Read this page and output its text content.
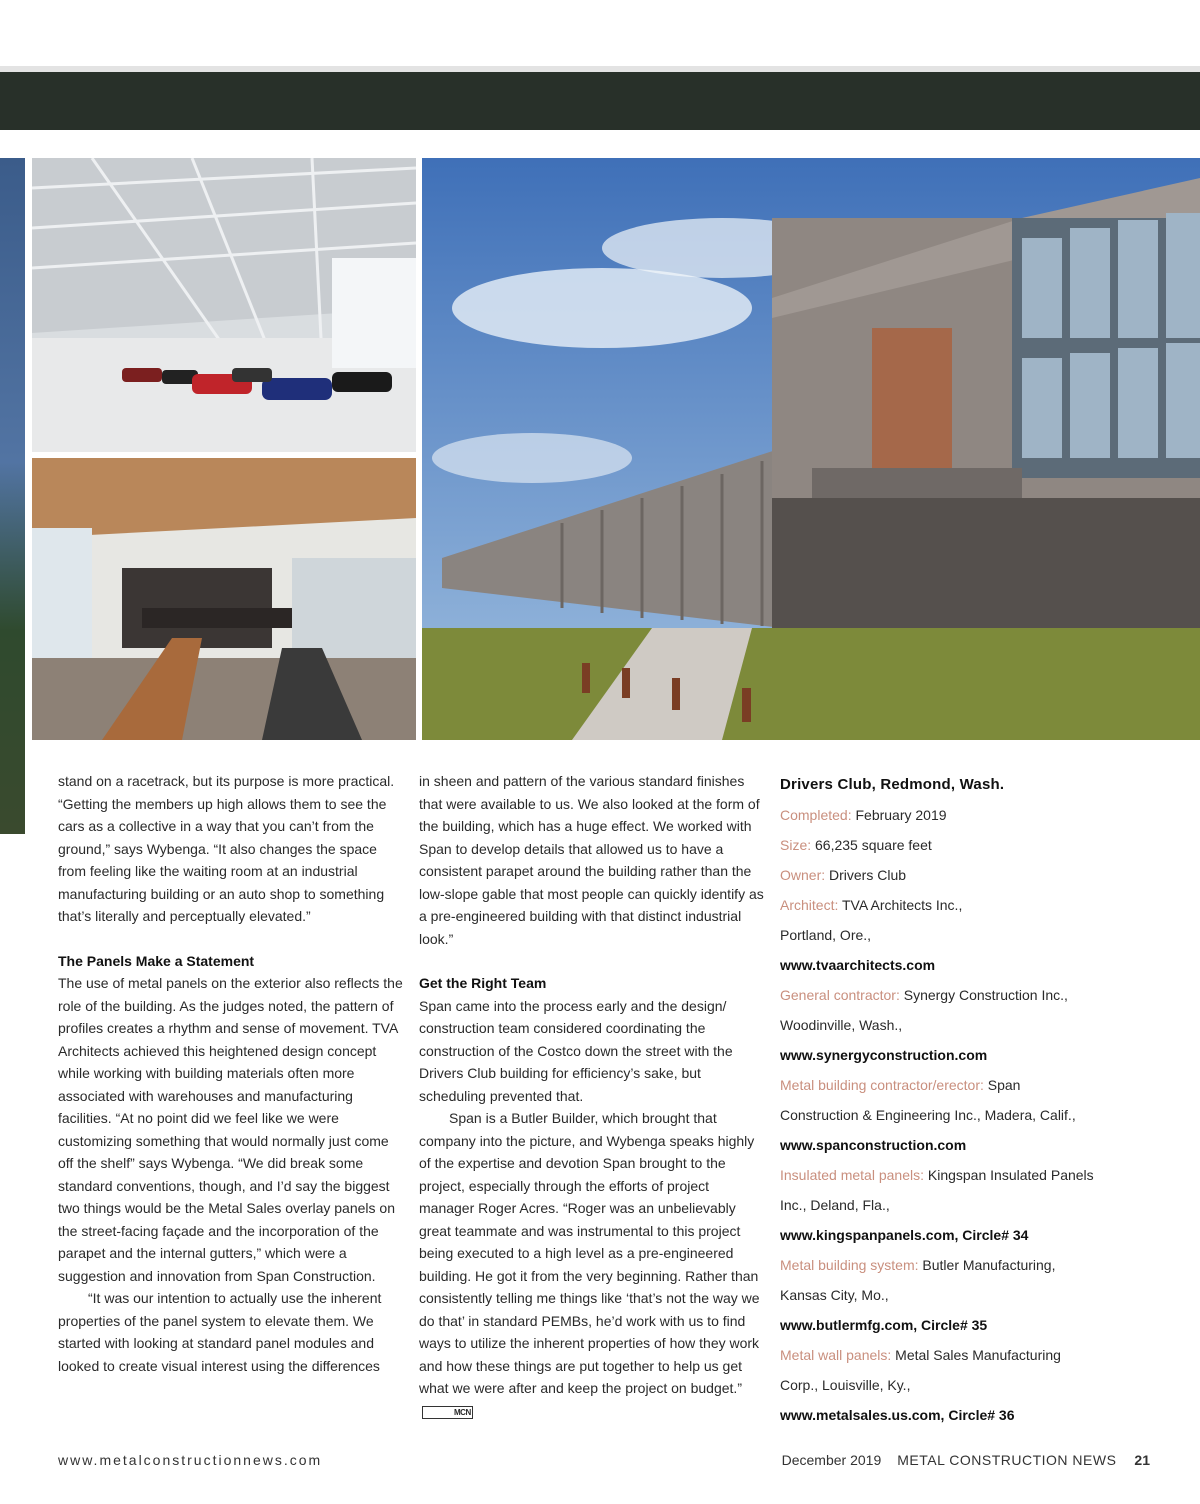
stand on a racetrack, but its purpose is more practical. “Getting the members up high allows them to see the cars as a collective in a way that you can’t from the ground,” says Wybenga. “It also changes the space from feeling like the waiting room at an industrial manufacturing building or an auto shop to something that’s literally and perceptually elevated.”

The Panels Make a Statement

The use of metal panels on the exterior also reflects the role of the building. As the judges noted, the pattern of profiles creates a rhythm and sense of movement. TVA Architects achieved this heightened design concept while working with building materials often more associated with warehouses and manufacturing facilities. “At no point did we feel like we were customizing something that would normally just come off the shelf” says Wybenga. “We did break some standard conventions, though, and I’d say the biggest two things would be the Metal Sales overlay panels on the street-facing façade and the incorporation of the parapet and the internal gutters,” which were a suggestion and innovation from Span Construction.

“It was our intention to actually use the inherent properties of the panel system to elevate them. We started with looking at standard panel modules and looked to create visual interest using the differences

in sheen and pattern of the various standard finishes that were available to us. We also looked at the form of the building, which has a huge effect. We worked with Span to develop details that allowed us to have a consistent parapet around the building rather than the low-slope gable that most people can quickly identify as a pre-engineered building with that distinct industrial look.”

Get the Right Team

Span came into the process early and the design/ construction team considered coordinating the construction of the Costco down the street with the Drivers Club building for efficiency’s sake, but scheduling prevented that.

Span is a Butler Builder, which brought that company into the picture, and Wybenga speaks highly of the expertise and devotion Span brought to the project, especially through the efforts of project manager Roger Acres. “Roger was an unbelievably great teammate and was instrumental to this project being executed to a high level as a pre-engineered building. He got it from the very beginning. Rather than consistently telling me things like ‘that’s not the way we do that’ in standard PEMBs, he’d work with us to find ways to utilize the inherent properties of how they work and how these things are put together to help us get what we were after and keep the project on budget.”MCN

Drivers Club, Redmond, Wash.
Completed: February 2019
Size: 66,235 square feet
Owner: Drivers Club
Architect: TVA Architects Inc., Portland, Ore.,
www.tvaarchitects.com
General contractor: Synergy Construction Inc., Woodinville, Wash.,
www.synergyconstruction.com
Metal building contractor/erector: Span Construction & Engineering Inc., Madera, Calif.,
www.spanconstruction.com
Insulated metal panels: Kingspan Insulated Panels Inc., Deland, Fla.,
www.kingspanpanels.com, Circle# 34
Metal building system: Butler Manufacturing, Kansas City, Mo.,
www.butlermfg.com, Circle# 35
Metal wall panels: Metal Sales Manufacturing Corp., Louisville, Ky.,
www.metalsales.us.com, Circle# 36
www.metalconstructionnews.com	December 2019 METAL CONSTRUCTION NEWS 21
